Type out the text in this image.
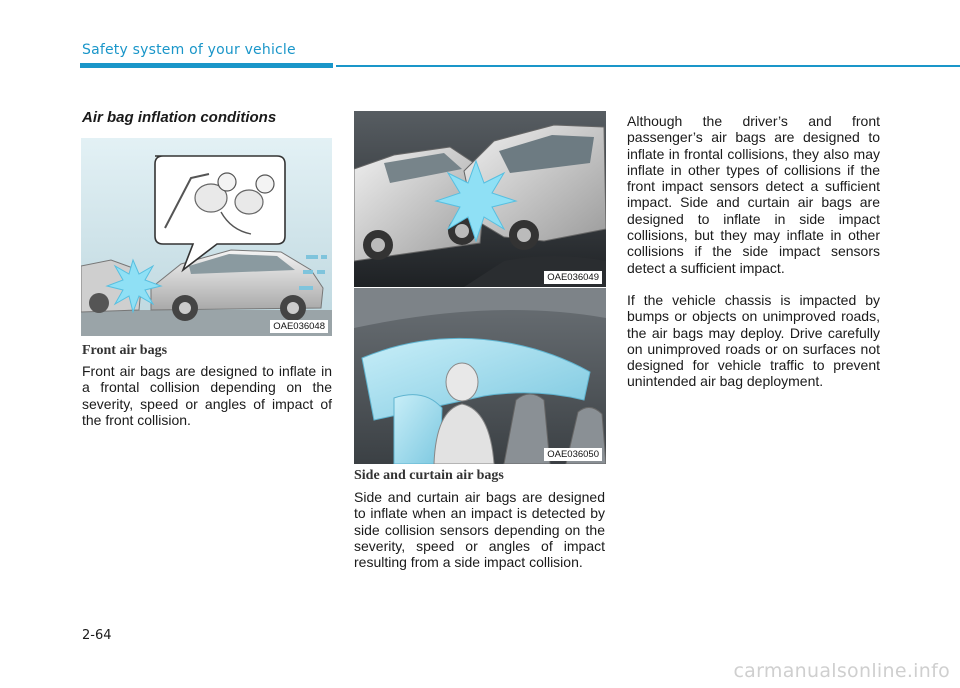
Safety system of your vehicle
Air bag inflation conditions
OAE036048
Front air bags

Front air bags are designed to inflate in a frontal collision depending on the severity, speed or angles of impact of the front collision.

OAE036049
OAE036050
Side and curtain air bags

Side and curtain air bags are designed to inflate when an impact is detected by side collision sensors depending on the severity, speed or angles of impact resulting from a side impact collision.

Although the driver’s and front passenger’s air bags are designed to inflate in frontal collisions, they also may inflate in other types of collisions if the front impact sensors detect a sufficient impact. Side and curtain air bags are designed to inflate in side impact collisions, but they may inflate in other collisions if the side impact sensors detect a sufficient impact.

If the vehicle chassis is impacted by bumps or objects on unimproved roads, the air bags may deploy. Drive carefully on unimproved roads or on surfaces not designed for vehicle traffic to prevent unintended air bag deployment.

2-64
carmanualsonline.info
